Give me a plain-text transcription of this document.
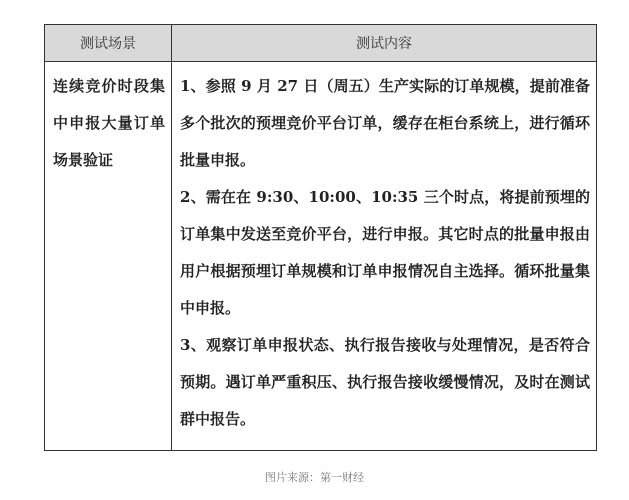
测试场景	测试内容

连续竞价时段集中申报大量订单场景验证	1、参照 9 月 27 日（周五）生产实际的订单规模，提前准备多个批次的预埋竞价平台订单，缓存在柜台系统上，进行循环批量申报。

2、需在在 9:30、10:00、10:35 三个时点，将提前预埋的订单集中发送至竞价平台，进行申报。其它时点的批量申报由用户根据预埋订单规模和订单申报情况自主选择。循环批量集中申报。

3、观察订单申报状态、执行报告接收与处理情况，是否符合预期。遇订单严重积压、执行报告接收缓慢情况，及时在测试群中报告。

图片来源：第一财经
